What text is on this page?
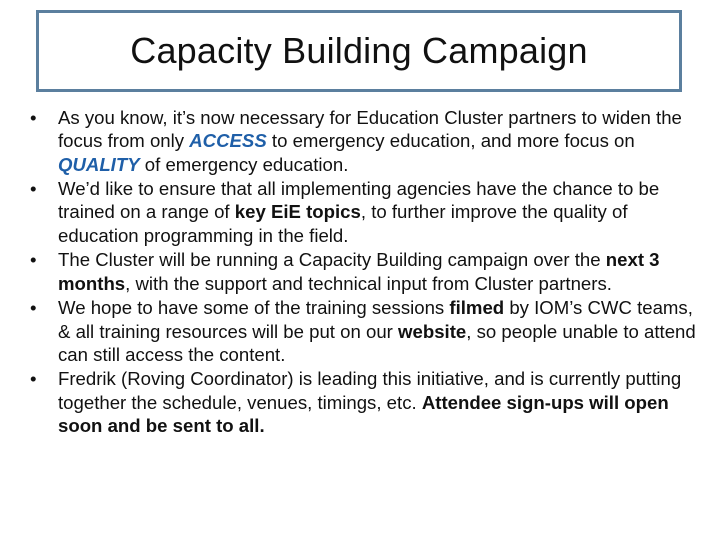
Capacity Building Campaign
• As you know, it’s now necessary for Education Cluster partners to widen the focus from only ACCESS to emergency education, and more focus on QUALITY of emergency education.
• We’d like to ensure that all implementing agencies have the chance to be trained on a range of key EiE topics, to further improve the quality of education programming in the field.
• The Cluster will be running a Capacity Building campaign over the next 3 months, with the support and technical input from Cluster partners.
• We hope to have some of the training sessions filmed by IOM’s CWC teams, & all training resources will be put on our website, so people unable to attend can still access the content.
• Fredrik (Roving Coordinator) is leading this initiative, and is currently putting together the schedule, venues, timings, etc. Attendee sign-ups will open soon and be sent to all.
